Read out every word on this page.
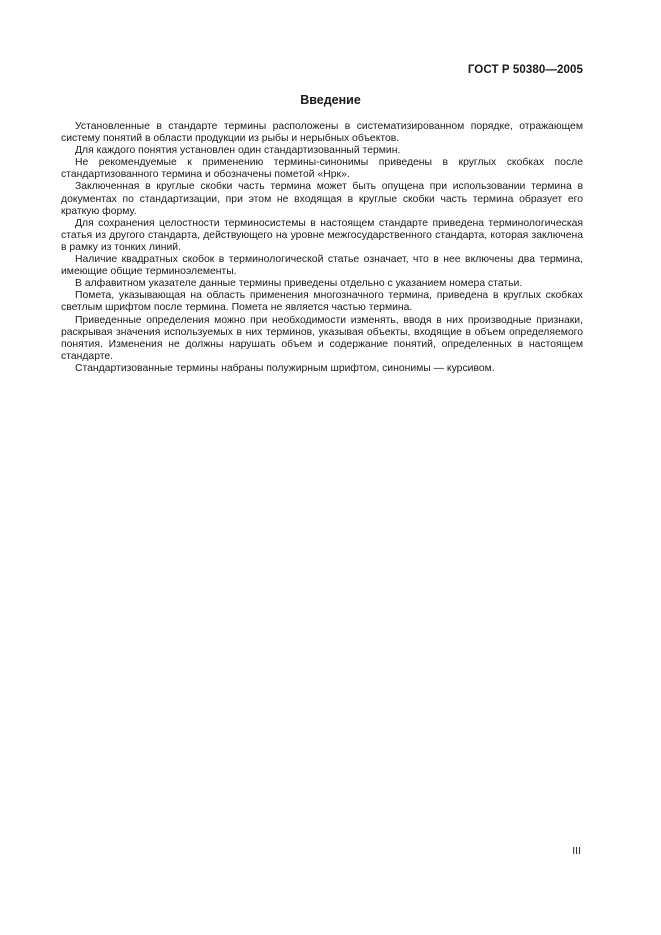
ГОСТ Р 50380—2005
Введение

Установленные в стандарте термины расположены в систематизированном порядке, отражающем систему понятий в области продукции из рыбы и нерыбных объектов.

Для каждого понятия установлен один стандартизованный термин.

Не рекомендуемые к применению термины-синонимы приведены в круглых скобках после стандартизованного термина и обозначены пометой «Нрк».

Заключенная в круглые скобки часть термина может быть опущена при использовании термина в документах по стандартизации, при этом не входящая в круглые скобки часть термина образует его краткую форму.

Для сохранения целостности терминосистемы в настоящем стандарте приведена терминологическая статья из другого стандарта, действующего на уровне межгосударственного стандарта, которая заключена в рамку из тонких линий.

Наличие квадратных скобок в терминологической статье означает, что в нее включены два термина, имеющие общие терминоэлементы.

В алфавитном указателе данные термины приведены отдельно с указанием номера статьи.

Помета, указывающая на область применения многозначного термина, приведена в круглых скобках светлым шрифтом после термина. Помета не является частью термина.

Приведенные определения можно при необходимости изменять, вводя в них производные признаки, раскрывая значения используемых в них терминов, указывая объекты, входящие в объем определяемого понятия. Изменения не должны нарушать объем и содержание понятий, определенных в настоящем стандарте.

Стандартизованные термины набраны полужирным шрифтом, синонимы — курсивом.

III
